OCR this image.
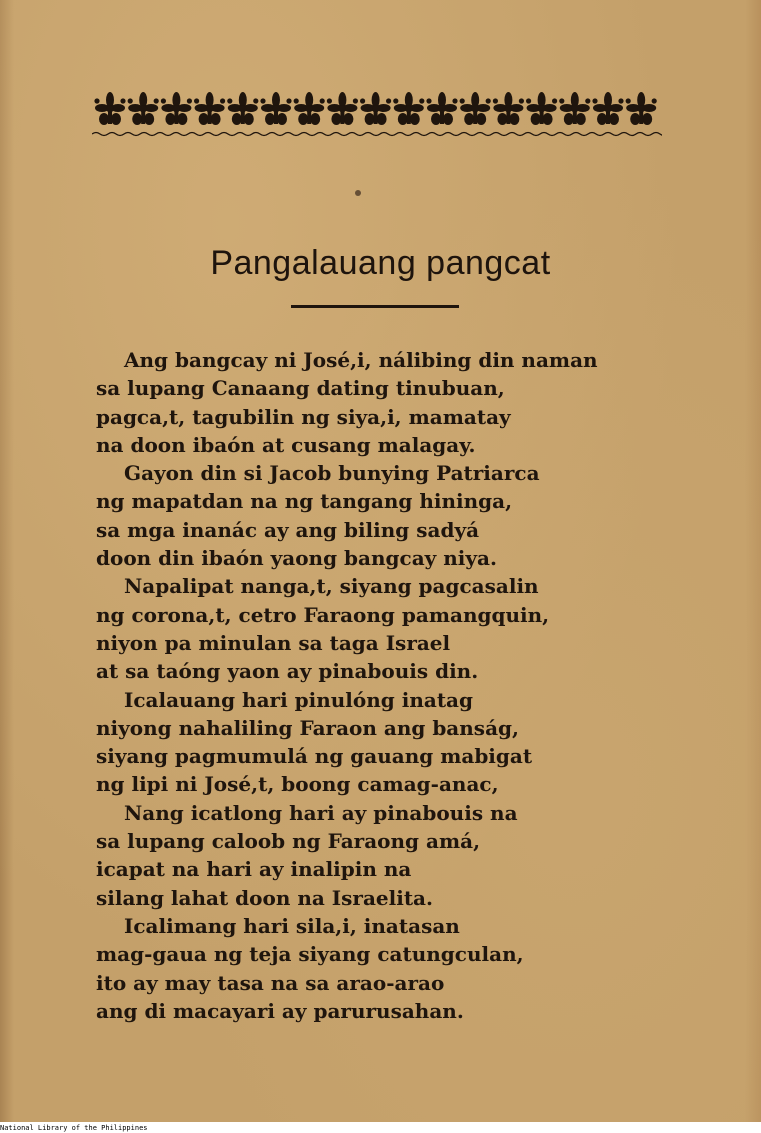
Pangalauang pangcat
Ang bangcay ni José,i, nálibing din naman
sa lupang Canaang dating tinubuan,
pagca,t, tagubilin ng siya,i, mamatay
na doon ibaón at cusang malagay.
Gayon din si Jacob bunying Patriarca
ng mapatdan na ng tangang hininga,
sa mga inanác ay ang biling sadyá
doon din ibaón yaong bangcay niya.
Napalipat nanga,t, siyang pagcasalin
ng corona,t, cetro Faraong pamangquin,
niyon pa minulan sa taga Israel
at sa taóng yaon ay pinabouis din.
Icalauang hari pinulóng inatag
niyong nahaliling Faraon ang banság,
siyang pagmumulá ng gauang mabigat
ng lipi ni José,t, boong camag-anac,
Nang icatlong hari ay pinabouis na
sa lupang caloob ng Faraong amá,
icapat na hari ay inalipin na
silang lahat doon na Israelita.
Icalimang hari sila,i, inatasan
mag-gaua ng teja siyang catungculan,
ito ay may tasa na sa arao-arao
ang di macayari ay parurusahan.
National Library of the Philippines
